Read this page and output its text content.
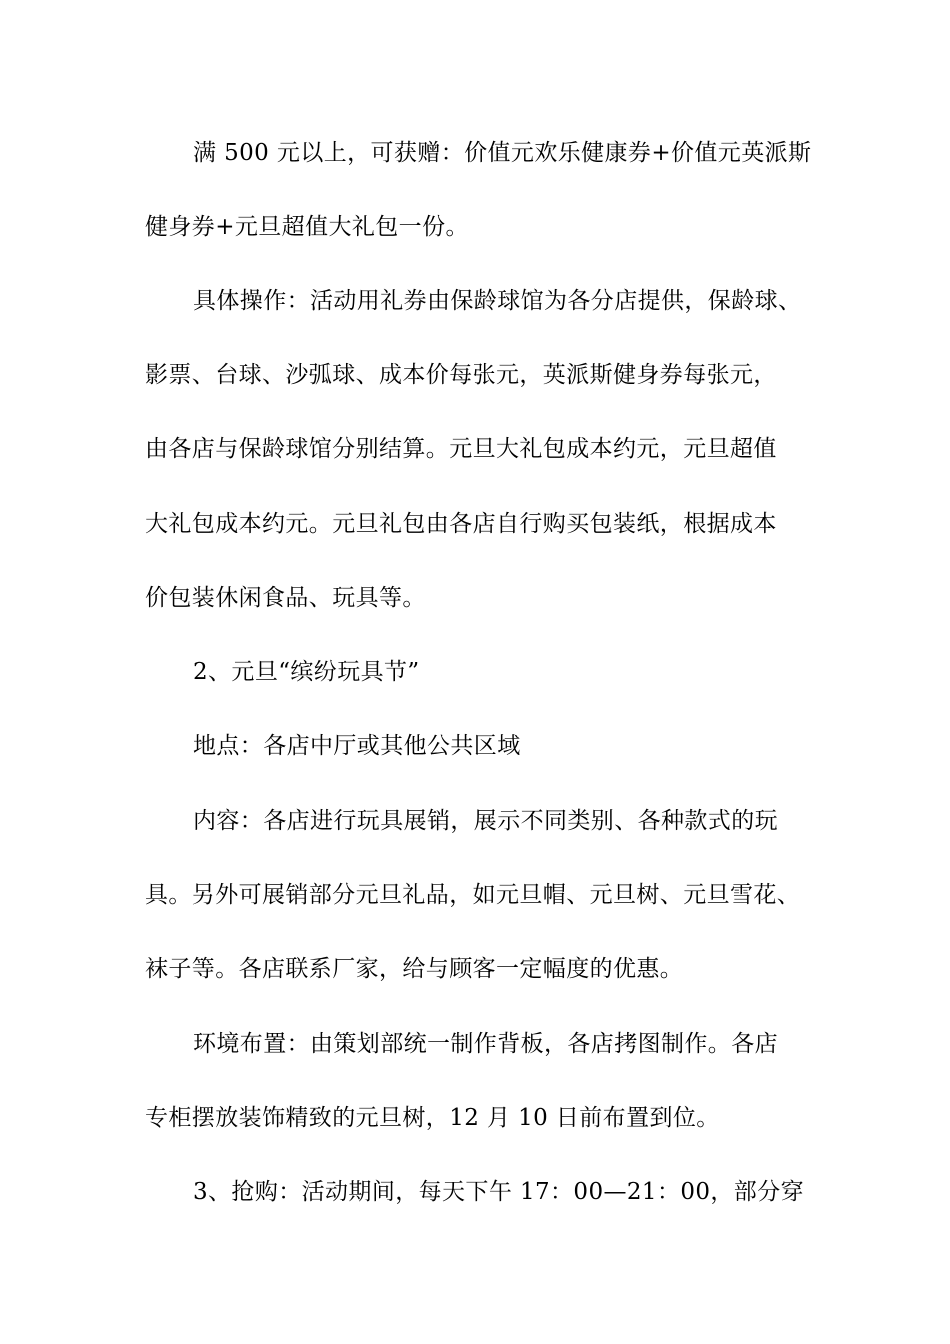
满 500 元以上，可获赠：价值元欢乐健康券+价值元英派斯
健身券+元旦超值大礼包一份。
具体操作：活动用礼券由保龄球馆为各分店提供，保龄球、
影票、台球、沙弧球、成本价每张元，英派斯健身券每张元，
由各店与保龄球馆分别结算。元旦大礼包成本约元，元旦超值
大礼包成本约元。元旦礼包由各店自行购买包装纸，根据成本
价包装休闲食品、玩具等。
2、元旦“缤纷玩具节”
地点：各店中厅或其他公共区域
内容：各店进行玩具展销，展示不同类别、各种款式的玩
具。另外可展销部分元旦礼品，如元旦帽、元旦树、元旦雪花、
袜子等。各店联系厂家，给与顾客一定幅度的优惠。
环境布置：由策划部统一制作背板，各店拷图制作。各店
专柜摆放装饰精致的元旦树，12 月 10 日前布置到位。
3、抢购：活动期间，每天下午 17：00—21：00，部分穿
